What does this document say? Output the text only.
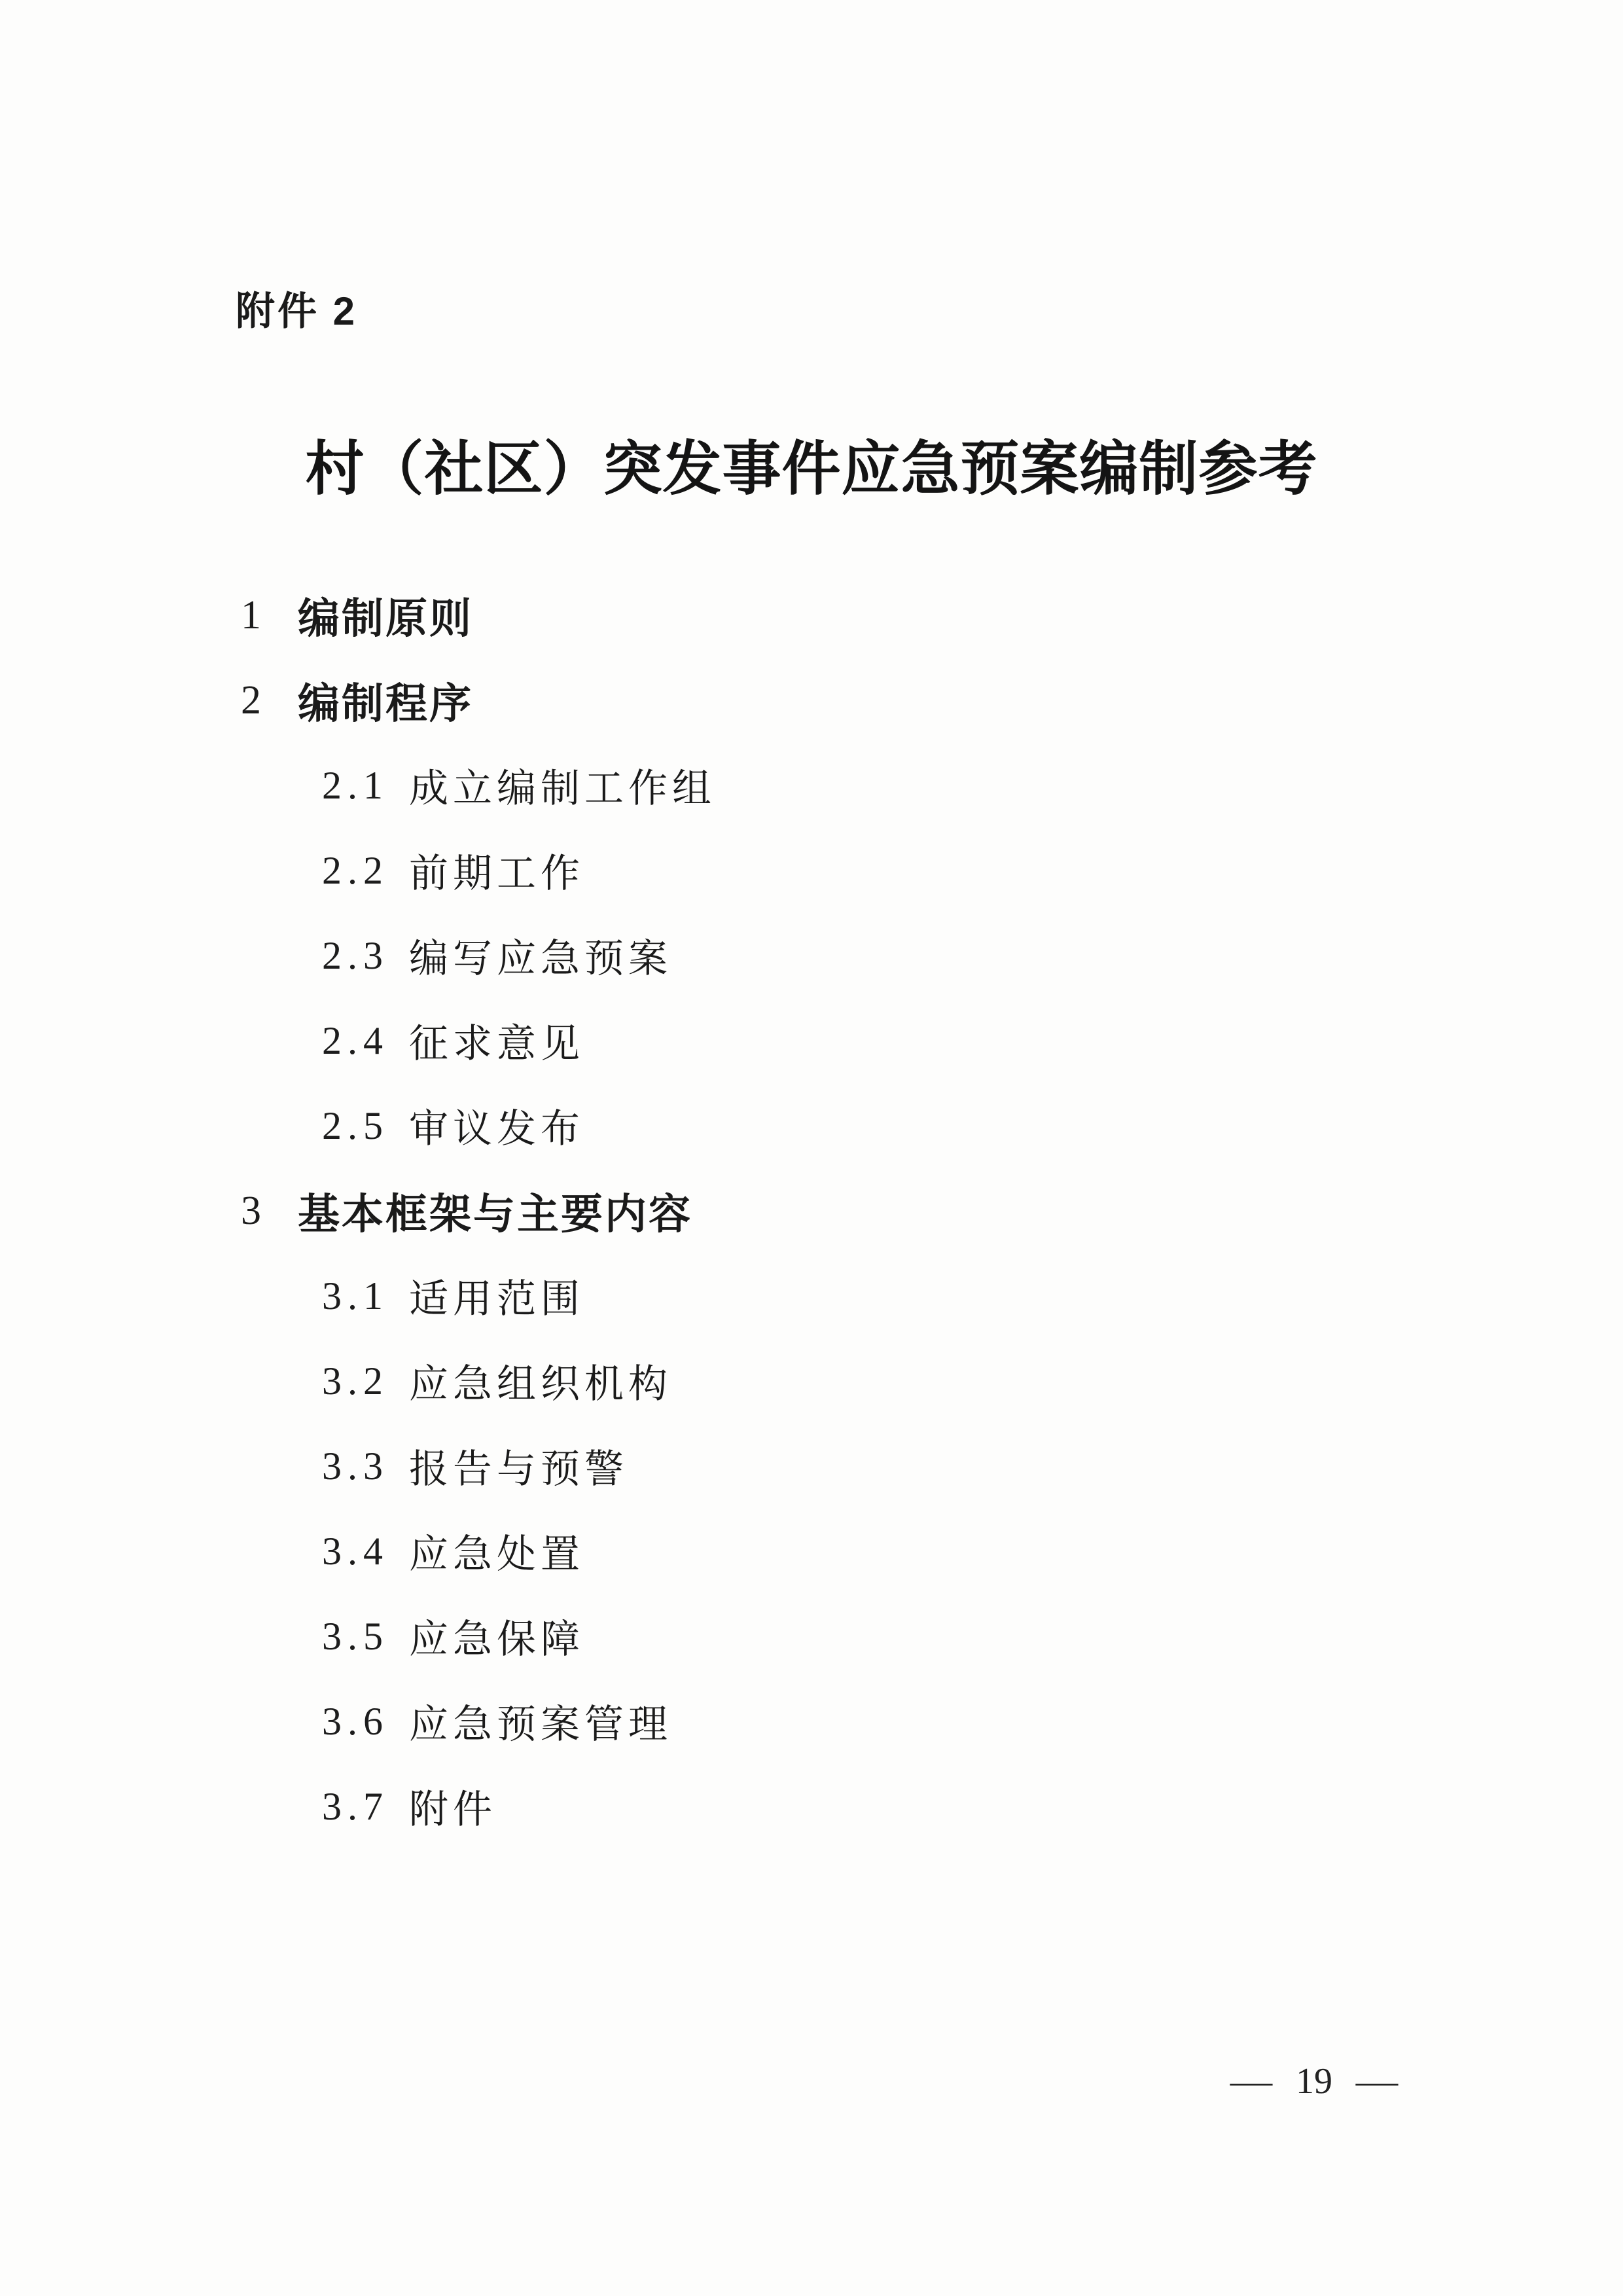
附件 2
村（社区）突发事件应急预案编制参考
1 编制原则
2 编制程序
2.1 成立编制工作组
2.2 前期工作
2.3 编写应急预案
2.4 征求意见
2.5 审议发布
3 基本框架与主要内容
3.1 适用范围
3.2 应急组织机构
3.3 报告与预警
3.4 应急处置
3.5 应急保障
3.6 应急预案管理
3.7 附件
— 19 —
